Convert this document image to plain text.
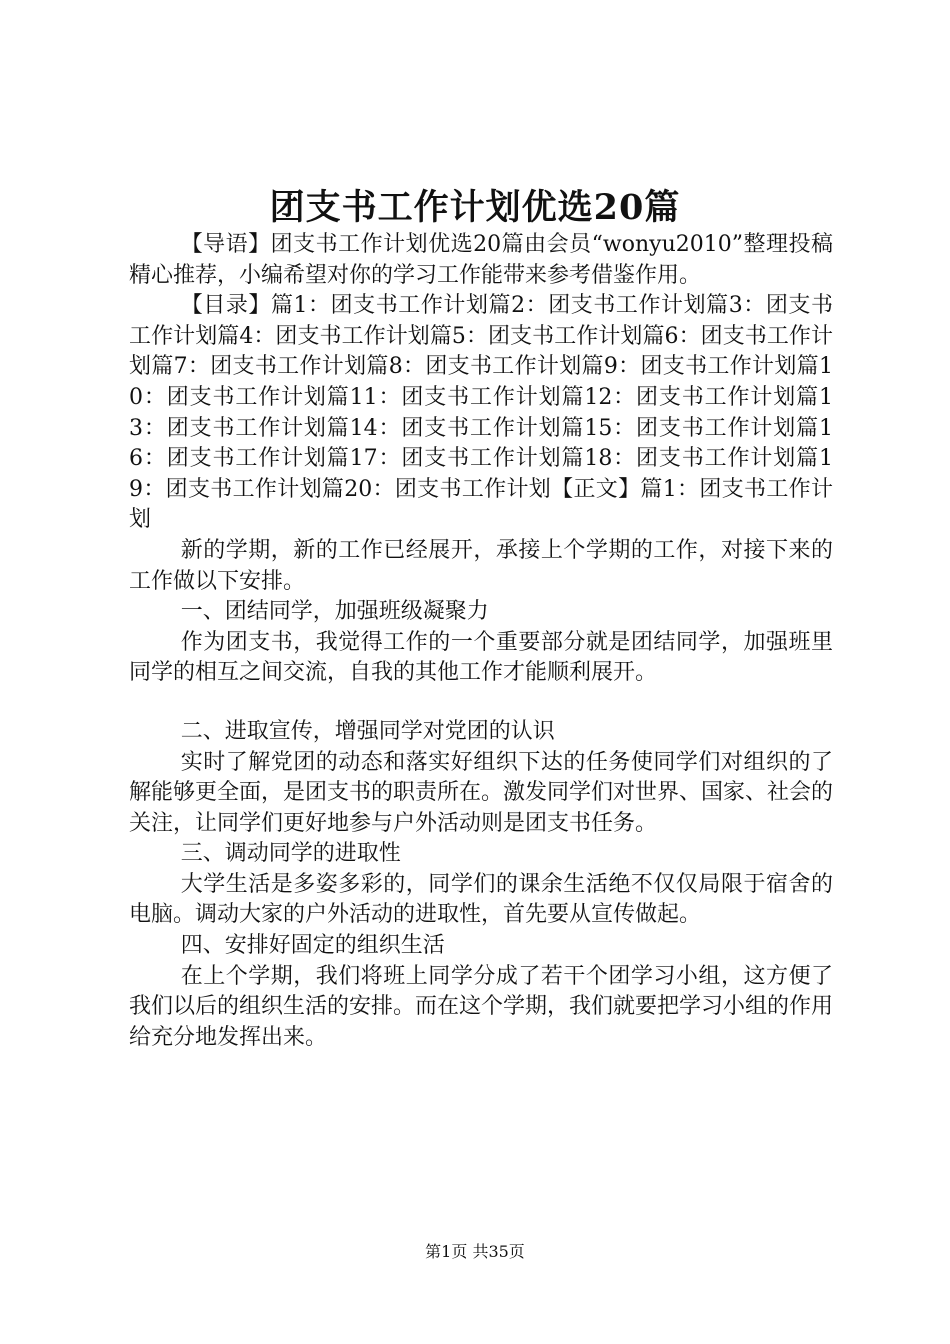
团支书工作计划优选20篇

【导语】团支书工作计划优选20篇由会员“wonyu2010”整理投稿精心推荐，小编希望对你的学习工作能带来参考借鉴作用。

【目录】篇1：团支书工作计划篇2：团支书工作计划篇3：团支书工作计划篇4：团支书工作计划篇5：团支书工作计划篇6：团支书工作计划篇7：团支书工作计划篇8：团支书工作计划篇9：团支书工作计划篇10：团支书工作计划篇11：团支书工作计划篇12：团支书工作计划篇13：团支书工作计划篇14：团支书工作计划篇15：团支书工作计划篇16：团支书工作计划篇17：团支书工作计划篇18：团支书工作计划篇19：团支书工作计划篇20：团支书工作计划【正文】篇1：团支书工作计划

新的学期，新的工作已经展开，承接上个学期的工作，对接下来的工作做以下安排。

一、团结同学，加强班级凝聚力

作为团支书，我觉得工作的一个重要部分就是团结同学，加强班里同学的相互之间交流，自我的其他工作才能顺利展开。

二、进取宣传，增强同学对党团的认识

实时了解党团的动态和落实好组织下达的任务使同学们对组织的了解能够更全面，是团支书的职责所在。激发同学们对世界、国家、社会的关注，让同学们更好地参与户外活动则是团支书任务。

三、调动同学的进取性

大学生活是多姿多彩的，同学们的课余生活绝不仅仅局限于宿舍的电脑。调动大家的户外活动的进取性，首先要从宣传做起。

四、安排好固定的组织生活

在上个学期，我们将班上同学分成了若干个团学习小组，这方便了我们以后的组织生活的安排。而在这个学期，我们就要把学习小组的作用给充分地发挥出来。

第1页 共35页
